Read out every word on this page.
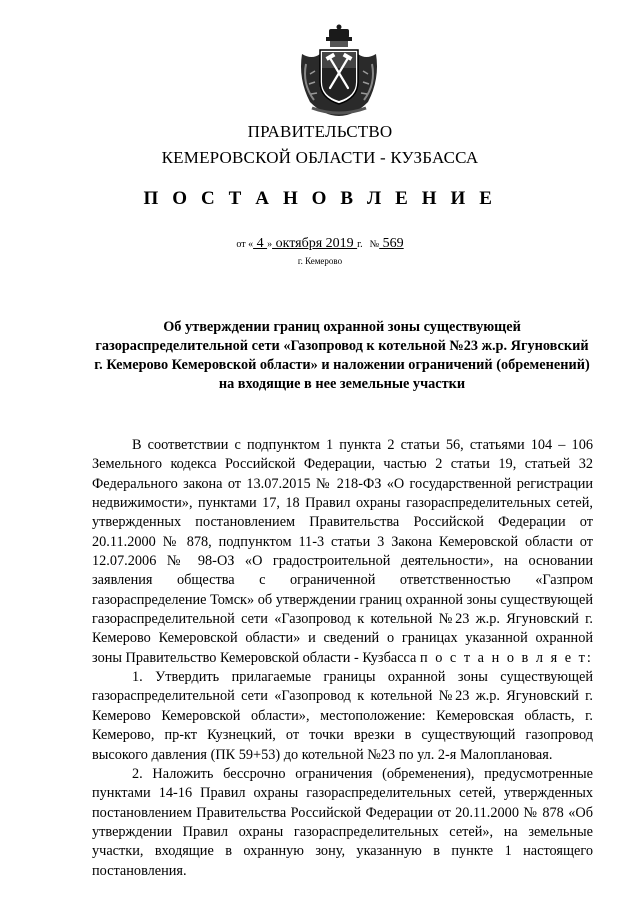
ПРАВИТЕЛЬСТВО
КЕМЕРОВСКОЙ ОБЛАСТИ - КУЗБАССА
П О С Т А Н О В Л Е Н И Е
от « 4 » октября 2019 г. № 569
г. Кемерово
Об утверждении границ охранной зоны существующей газораспределительной сети «Газопровод к котельной №23 ж.р. Ягуновский г. Кемерово Кемеровской области» и наложении ограничений (обременений) на входящие в нее земельные участки

В соответствии с подпунктом 1 пункта 2 статьи 56, статьями 104 – 106 Земельного кодекса Российской Федерации, частью 2 статьи 19, статьей 32 Федерального закона от 13.07.2015 № 218-ФЗ «О государственной регистрации недвижимости», пунктами 17, 18 Правил охраны газораспределительных сетей, утвержденных постановлением Правительства Российской Федерации от 20.11.2000 № 878, подпунктом 11-3 статьи 3 Закона Кемеровской области от 12.07.2006 № 98-ОЗ «О градостроительной деятельности», на основании заявления общества с ограниченной ответственностью «Газпром газораспределение Томск» об утверждении границ охранной зоны существующей газораспределительной сети «Газопровод к котельной №23 ж.р. Ягуновский г. Кемерово Кемеровской области» и сведений о границах указанной охранной зоны Правительство Кемеровской области - Кузбасса п о с т а н о в л я е т:

1. Утвердить прилагаемые границы охранной зоны существующей газораспределительной сети «Газопровод к котельной №23 ж.р. Ягуновский г. Кемерово Кемеровской области», местоположение: Кемеровская область, г. Кемерово, пр-кт Кузнецкий, от точки врезки в существующий газопровод высокого давления (ПК 59+53) до котельной №23 по ул. 2-я Малоплановая.

2. Наложить бессрочно ограничения (обременения), предусмотренные пунктами 14-16 Правил охраны газораспределительных сетей, утвержденных постановлением Правительства Российской Федерации от 20.11.2000 № 878 «Об утверждении Правил охраны газораспределительных сетей», на земельные участки, входящие в охранную зону, указанную в пункте 1 настоящего постановления.
